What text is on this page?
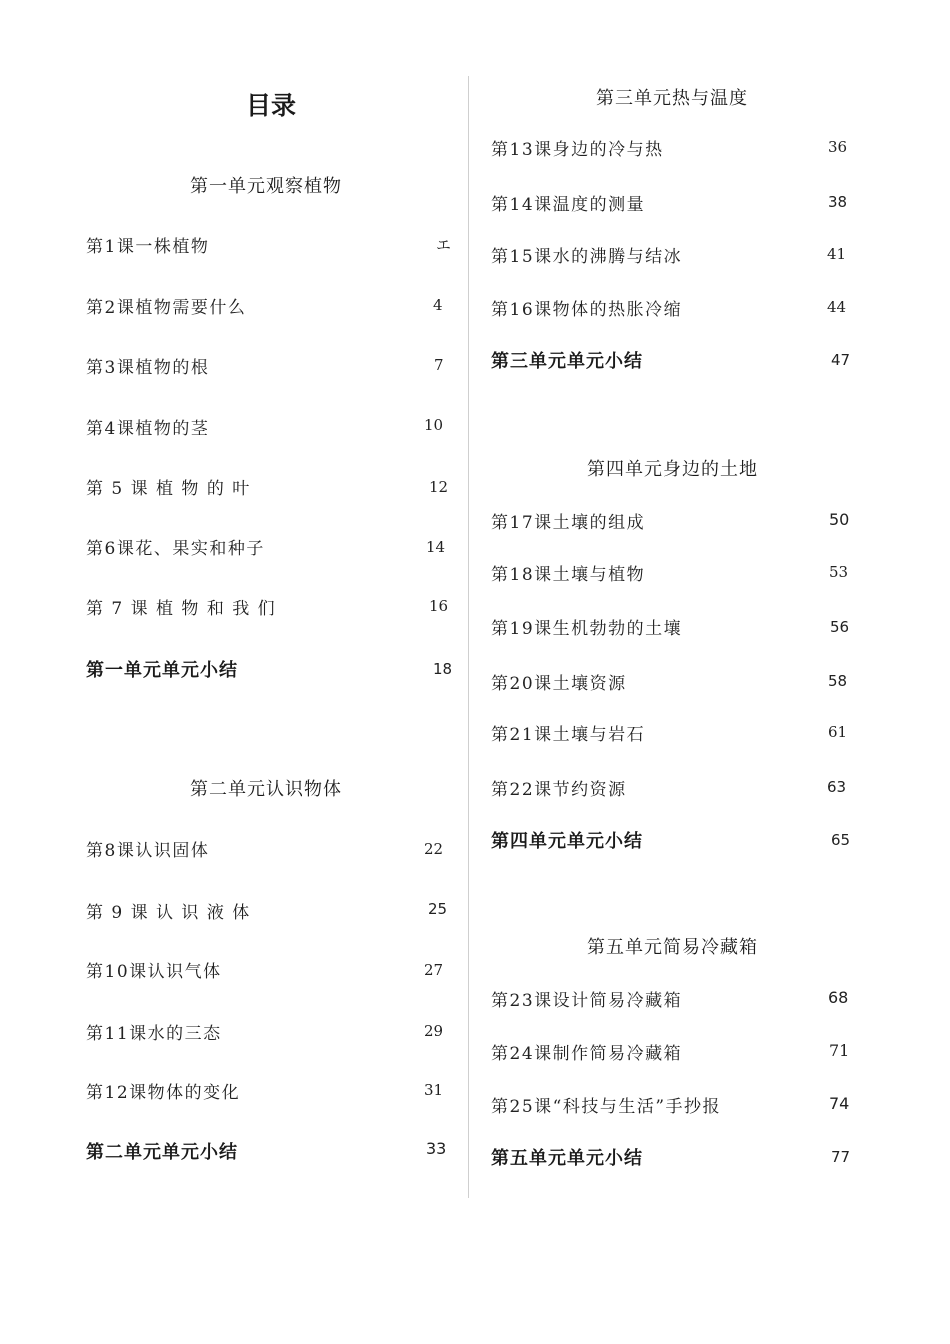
目录
第一单元观察植物
第1课一株植物	エ
第2课植物需要什么	4
第3课植物的根	7
第4课植物的茎	10
第 5 课 植 物 的 叶	12
第6课花、果实和种子	14
第 7 课 植 物 和 我 们	16
第一单元单元小结	18
第二单元认识物体
第8课认识固体	22
第 9 课 认 识 液 体	25
第10课认识气体	27
第11课水的三态	29
第12课物体的变化	31
第二单元单元小结	33
第三单元热与温度
第13课身边的冷与热	36
第14课温度的测量	38
第15课水的沸腾与结冰	41
第16课物体的热胀冷缩	44
第三单元单元小结	47
第四单元身边的土地
第17课土壤的组成	50
第18课土壤与植物	53
第19课生机勃勃的土壤	56
第20课土壤资源	58
第21课土壤与岩石	61
第22课节约资源	63
第四单元单元小结	65
第五单元简易冷藏箱
第23课设计简易冷藏箱	68
第24课制作简易冷藏箱	71
第25课“科技与生活”手抄报	74
第五单元单元小结	77
